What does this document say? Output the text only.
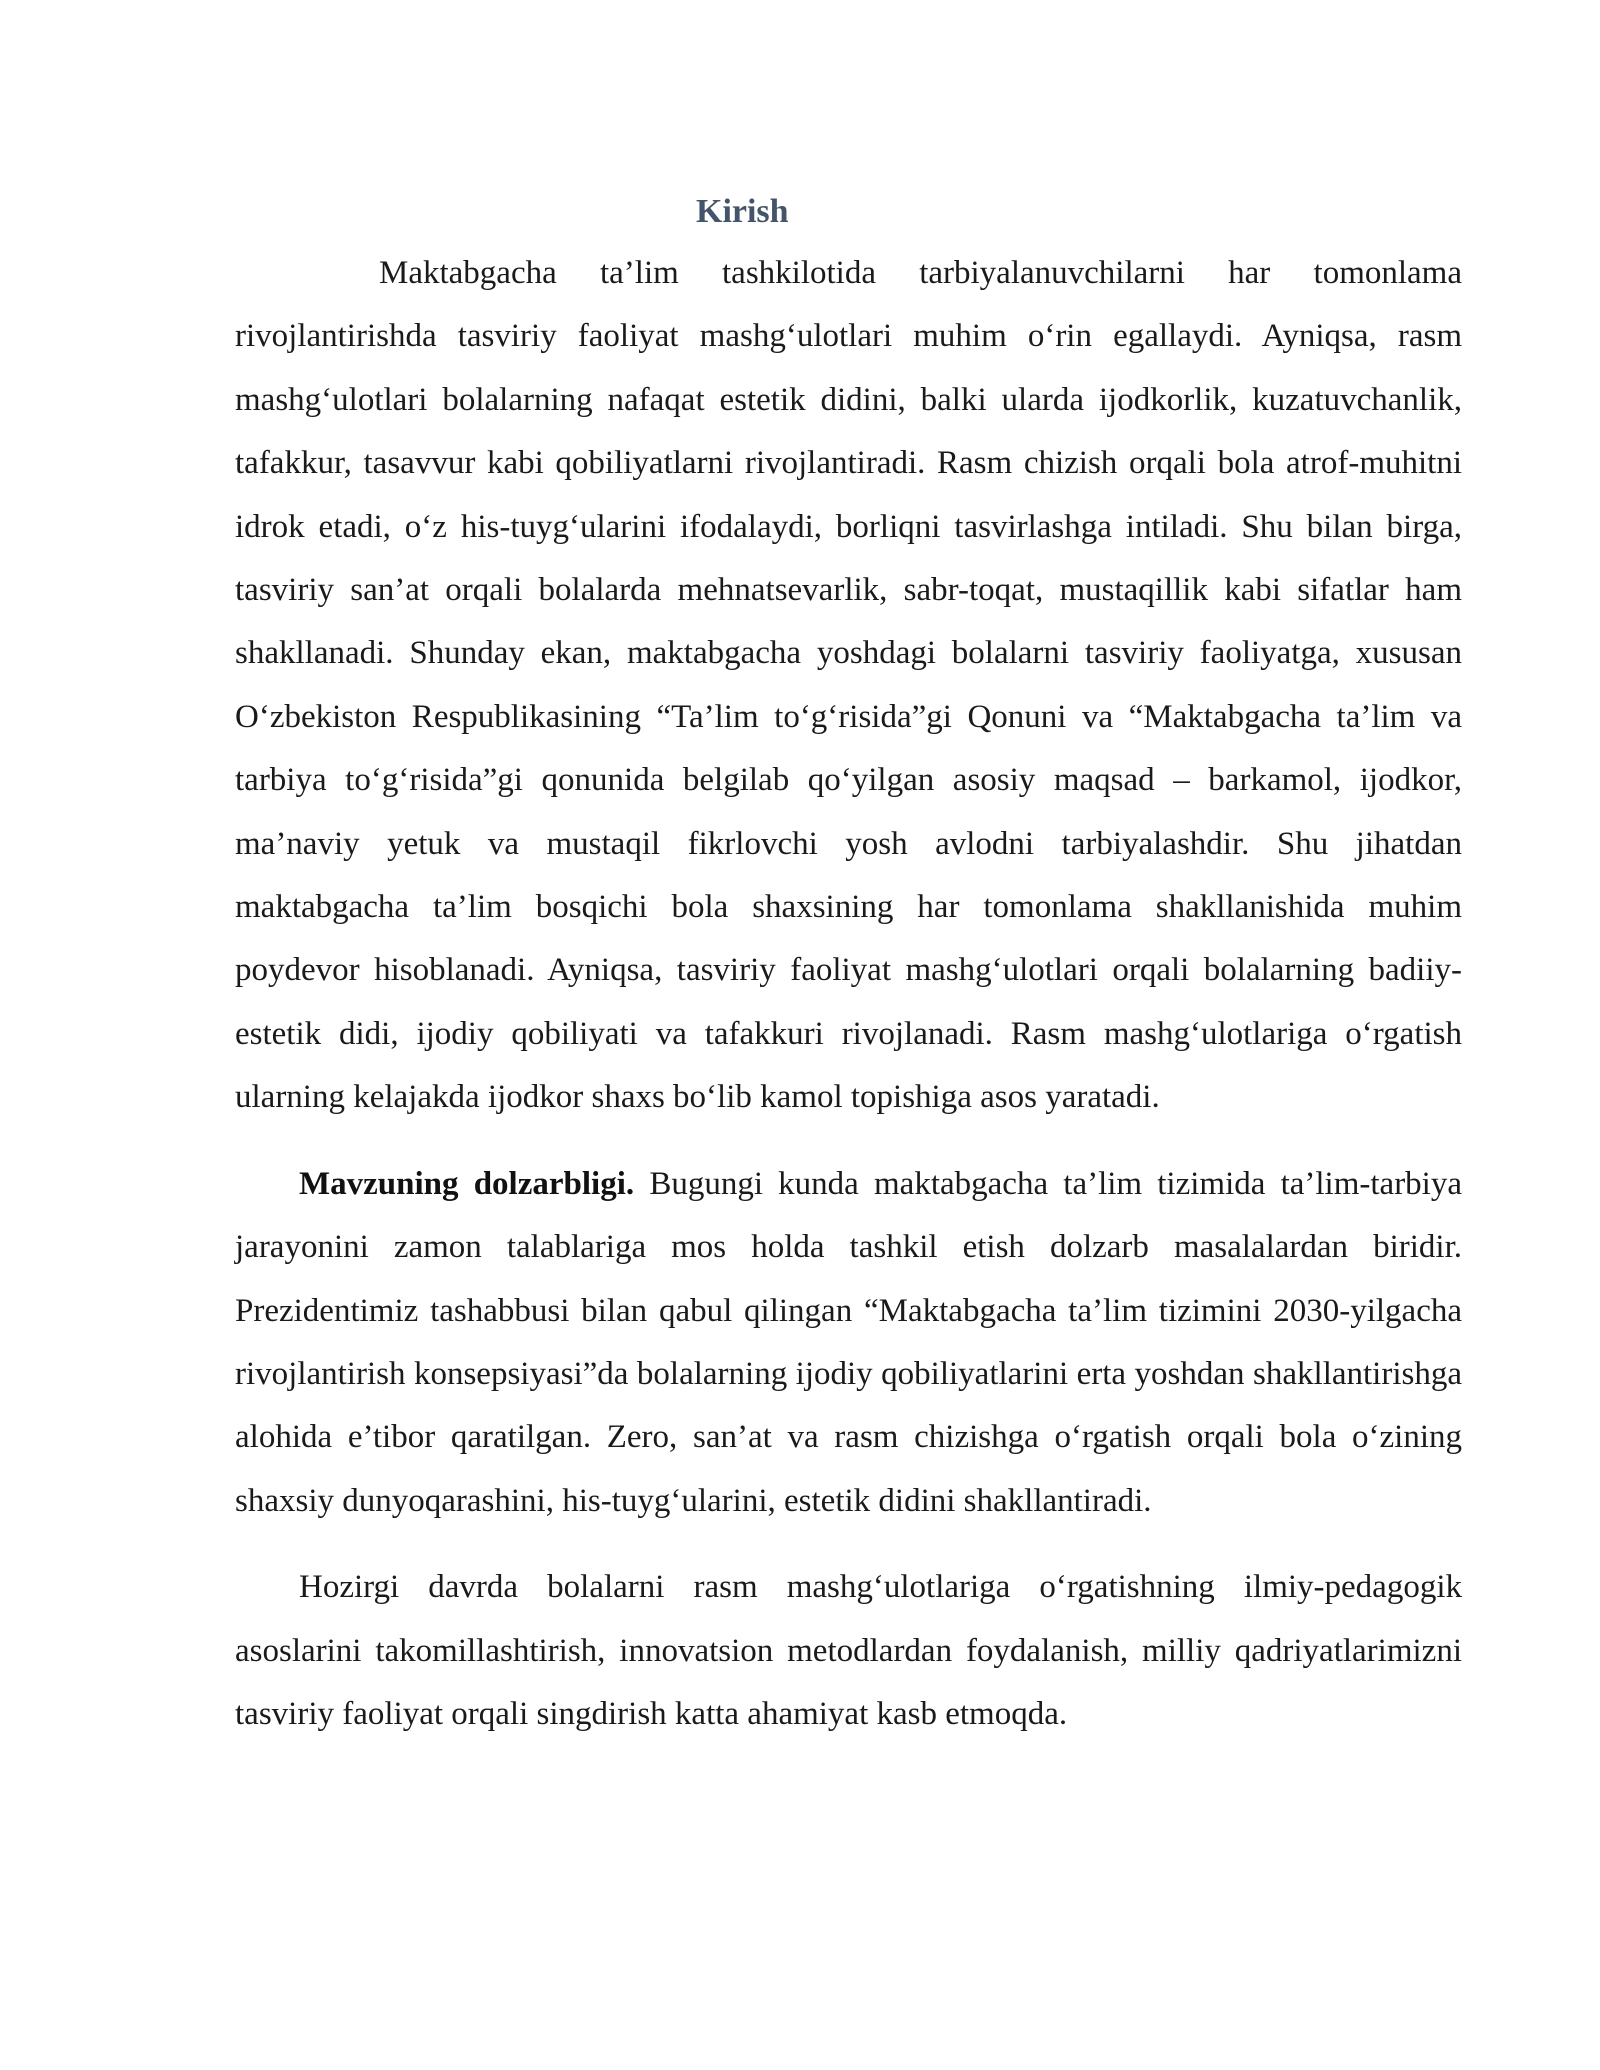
Kirish

Maktabgacha ta’lim tashkilotida tarbiyalanuvchilarni har tomonlama rivojlantirishda tasviriy faoliyat mashg‘ulotlari muhim o‘rin egallaydi. Ayniqsa, rasm mashg‘ulotlari bolalarning nafaqat estetik didini, balki ularda ijodkorlik, kuzatuvchanlik, tafakkur, tasavvur kabi qobiliyatlarni rivojlantiradi. Rasm chizish orqali bola atrof-muhitni idrok etadi, o‘z his-tuyg‘ularini ifodalaydi, borliqni tasvirlashga intiladi. Shu bilan birga, tasviriy san’at orqali bolalarda mehnatsevarlik, sabr-toqat, mustaqillik kabi sifatlar ham shakllanadi. Shunday ekan, maktabgacha yoshdagi bolalarni tasviriy faoliyatga, xususan O‘zbekiston Respublikasining “Ta’lim to‘g‘risida”gi Qonuni va “Maktabgacha ta’lim va tarbiya to‘g‘risida”gi qonunida belgilab qo‘yilgan asosiy maqsad – barkamol, ijodkor, ma’naviy yetuk va mustaqil fikrlovchi yosh avlodni tarbiyalashdir. Shu jihatdan maktabgacha ta’lim bosqichi bola shaxsining har tomonlama shakllanishida muhim poydevor hisoblanadi. Ayniqsa, tasviriy faoliyat mashg‘ulotlari orqali bolalarning badiiy-estetik didi, ijodiy qobiliyati va tafakkuri rivojlanadi. Rasm mashg‘ulotlariga o‘rgatish ularning kelajakda ijodkor shaxs bo‘lib kamol topishiga asos yaratadi.

Mavzuning dolzarbligi. Bugungi kunda maktabgacha ta’lim tizimida ta’lim-tarbiya jarayonini zamon talablariga mos holda tashkil etish dolzarb masalalardan biridir. Prezidentimiz tashabbusi bilan qabul qilingan “Maktabgacha ta’lim tizimini 2030-yilgacha rivojlantirish konsepsiyasi”da bolalarning ijodiy qobiliyatlarini erta yoshdan shakllantirishga alohida e’tibor qaratilgan. Zero, san’at va rasm chizishga o‘rgatish orqali bola o‘zining shaxsiy dunyoqarashini, his-tuyg‘ularini, estetik didini shakllantiradi.

Hozirgi davrda bolalarni rasm mashg‘ulotlariga o‘rgatishning ilmiy-pedagogik asoslarini takomillashtirish, innovatsion metodlardan foydalanish, milliy qadriyatlarimizni tasviriy faoliyat orqali singdirish katta ahamiyat kasb etmoqda.
